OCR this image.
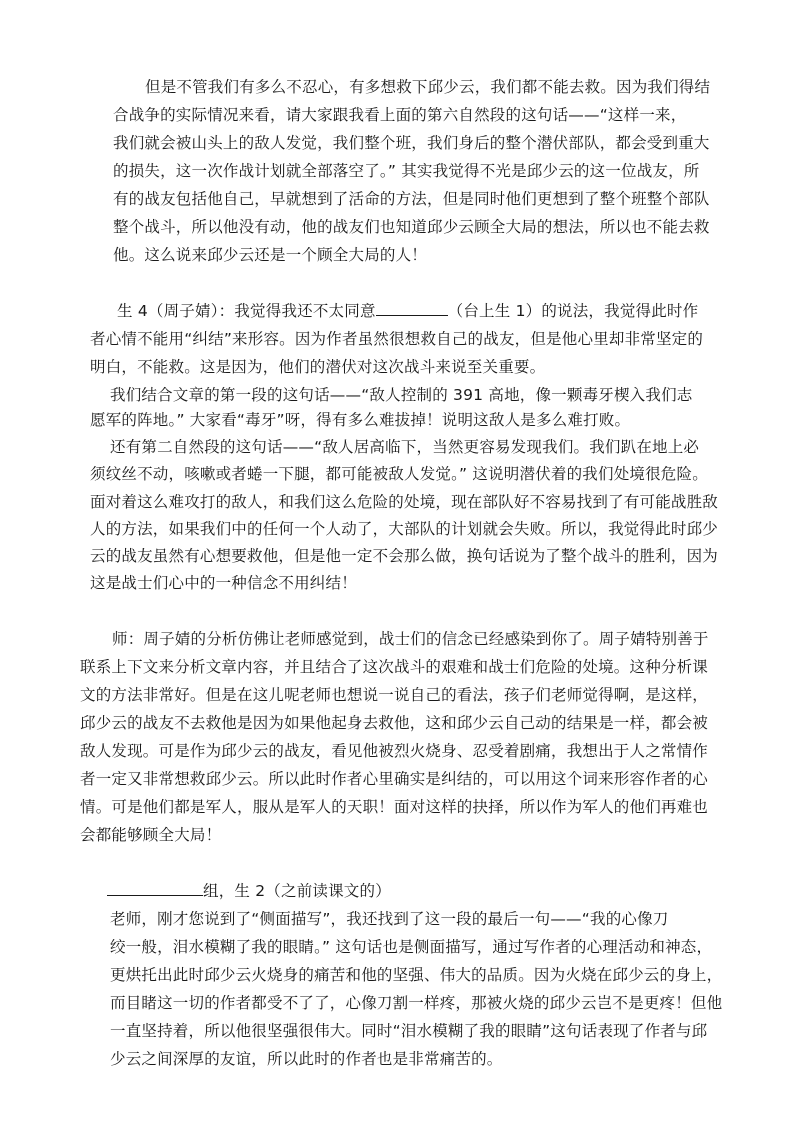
但是不管我们有多么不忍心，有多想救下邱少云，我们都不能去救。因为我们得结
合战争的实际情况来看，请大家跟我看上面的第六自然段的这句话——“这样一来，
我们就会被山头上的敌人发觉，我们整个班，我们身后的整个潜伏部队，都会受到重大
的损失，这一次作战计划就全部落空了。” 其实我觉得不光是邱少云的这一位战友，所
有的战友包括他自己，早就想到了活命的方法，但是同时他们更想到了整个班整个部队
整个战斗，所以他没有动，他的战友们也知道邱少云顾全大局的想法，所以也不能去救
他。这么说来邱少云还是一个顾全大局的人！
生 4（周子婧）：我觉得我还不太同意	（台上生 1）的说法，我觉得此时作
者心情不能用“纠结”来形容。因为作者虽然很想救自己的战友，但是他心里却非常坚定的
明白，不能救。这是因为，他们的潜伏对这次战斗来说至关重要。
我们结合文章的第一段的这句话——“敌人控制的 391 高地，像一颗毒牙楔入我们志
愿军的阵地。” 大家看“毒牙”呀，得有多么难拔掉！说明这敌人是多么难打败。
还有第二自然段的这句话——“敌人居高临下，当然更容易发现我们。我们趴在地上必
须纹丝不动，咳嗽或者蜷一下腿，都可能被敌人发觉。” 这说明潜伏着的我们处境很危险。
面对着这么难攻打的敌人，和我们这么危险的处境，现在部队好不容易找到了有可能战胜敌
人的方法，如果我们中的任何一个人动了，大部队的计划就会失败。所以，我觉得此时邱少
云的战友虽然有心想要救他，但是他一定不会那么做，换句话说为了整个战斗的胜利，因为
这是战士们心中的一种信念不用纠结！
师：周子婧的分析仿佛让老师感觉到，战士们的信念已经感染到你了。周子婧特别善于
联系上下文来分析文章内容，并且结合了这次战斗的艰难和战士们危险的处境。这种分析课
文的方法非常好。但是在这儿呢老师也想说一说自己的看法，孩子们老师觉得啊，是这样，
邱少云的战友不去救他是因为如果他起身去救他，这和邱少云自己动的结果是一样，都会被
敌人发现。可是作为邱少云的战友，看见他被烈火烧身、忍受着剧痛，我想出于人之常情作
者一定又非常想救邱少云。所以此时作者心里确实是纠结的，可以用这个词来形容作者的心
情。可是他们都是军人，服从是军人的天职！面对这样的抉择，所以作为军人的他们再难也
会都能够顾全大局！
组，生 2（之前读课文的）
老师，刚才您说到了“侧面描写”，我还找到了这一段的最后一句——“我的心像刀
绞一般，泪水模糊了我的眼睛。” 这句话也是侧面描写，通过写作者的心理活动和神态，
更烘托出此时邱少云火烧身的痛苦和他的坚强、伟大的品质。因为火烧在邱少云的身上，
而目睹这一切的作者都受不了了，心像刀割一样疼，那被火烧的邱少云岂不是更疼！但他
一直坚持着，所以他很坚强很伟大。同时“泪水模糊了我的眼睛”这句话表现了作者与邱
少云之间深厚的友谊，所以此时的作者也是非常痛苦的。
